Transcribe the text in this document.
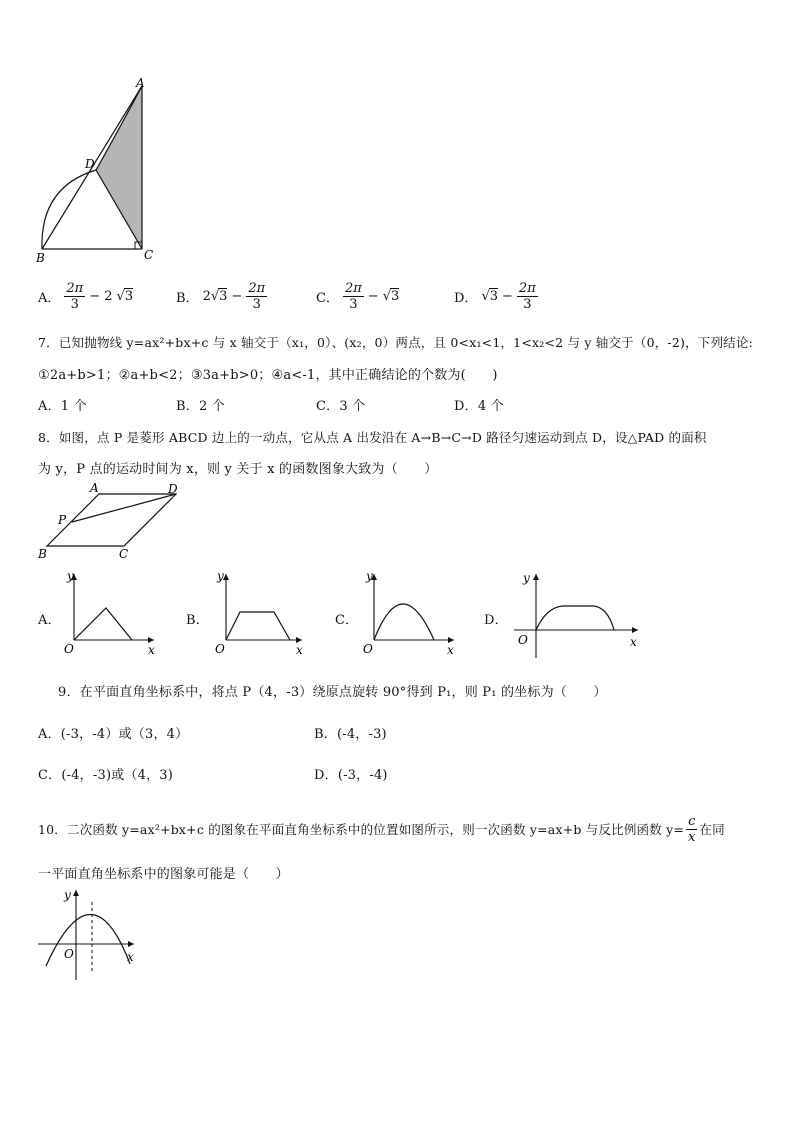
A
D
B	C
A． $\frac{2\pi}{3} - 2$ √3	B． $2√3 - \frac{2\pi}{3}$	C． $\frac{2\pi}{3} - √3$	D． $√3 - \frac{2\pi}{3}$
7．已知抛物线 y=ax²+bx+c 与 x 轴交于（x₁，0）、(x₂，0）两点，且 0<x₁<1，1<x₂<2 与 y 轴交于（0，-2)，下列结论:
①2a+b>1；②a+b<2；③3a+b>0；④a<-1，其中正确结论的个数为(　　)
A．1 个	B．2 个	C．3 个	D．4 个
8．如图，点 P 是菱形 ABCD 边上的一动点，它从点 A 出发沿在 A→B→C→D 路径匀速运动到点 D，设△PAD 的面积
为 y，P 点的运动时间为 x，则 y 关于 x 的函数图象大致为（　　）
A	D
P
B	C
A．
y
x
O
B．
y
x
O
C．
y
x
O
D．
y
x
O
9．在平面直角坐标系中，将点 P（4，-3）绕原点旋转 90°得到 P₁，则 P₁ 的坐标为（　　）
A．(-3，-4）或（3，4）	B．(-4，-3)
C．(-4，-3)或（4，3)	D．(-3，-4)
10．二次函数 y=ax²+bx+c 的图象在平面直角坐标系中的位置如图所示，则一次函数 y=ax+b 与反比例函数 $y= \frac{c}{x}$ 在同
一平面直角坐标系中的图象可能是（　　）
y
x
O
